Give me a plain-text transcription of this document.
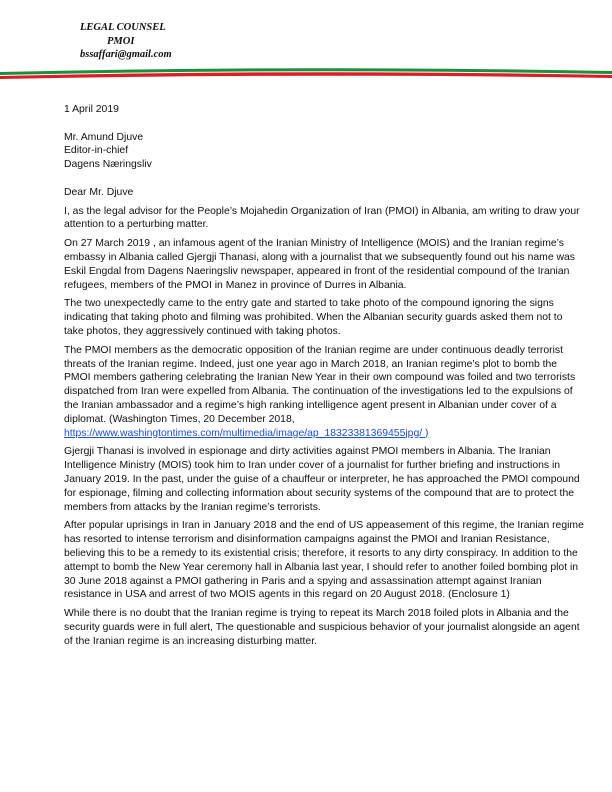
LEGAL COUNSEL
PMOI
bssaffari@gmail.com

1 April 2019

Mr. Amund Djuve

Editor-in-chief

Dagens Næringsliv

Dear Mr. Djuve

I, as the legal advisor for the People’s Mojahedin Organization of Iran (PMOI) in Albania, am writing to draw your attention to a perturbing matter.

On 27 March 2019 , an infamous agent of the Iranian Ministry of Intelligence (MOIS) and the Iranian regime’s embassy in Albania called Gjergji Thanasi, along with a journalist that we subsequently found out his name was Eskil Engdal from Dagens Naeringsliv newspaper, appeared in front of the residential compound of the Iranian refugees, members of the PMOI in Manez in province of Durres in Albania.

The two unexpectedly came to the entry gate and started to take photo of the compound ignoring the signs indicating that taking photo and filming was prohibited. When the Albanian security guards asked them not to take photos, they aggressively continued with taking photos.

The PMOI members as the democratic opposition of the Iranian regime are under continuous deadly terrorist threats of the Iranian regime. Indeed, just one year ago in March 2018, an Iranian regime’s plot to bomb the PMOI members gathering celebrating the Iranian New Year in their own compound was foiled and two terrorists dispatched from Iran were expelled from Albania. The continuation of the investigations led to the expulsions of the Iranian ambassador and a regime’s high ranking intelligence agent present in Albanian under cover of a diplomat. (Washington Times, 20 December 2018,
https://www.washingtontimes.com/multimedia/image/ap_18323381369455jpg/ )

Gjergji Thanasi is involved in espionage and dirty activities against PMOI members in Albania. The Iranian Intelligence Ministry (MOIS) took him to Iran under cover of a journalist for further briefing and instructions in January 2019. In the past, under the guise of a chauffeur or interpreter, he has approached the PMOI compound for espionage, filming and collecting information about security systems of the compound that are to protect the members from attacks by the Iranian regime’s terrorists.

After popular uprisings in Iran in January 2018 and the end of US appeasement of this regime, the Iranian regime has resorted to intense terrorism and disinformation campaigns against the PMOI and Iranian Resistance, believing this to be a remedy to its existential crisis; therefore, it resorts to any dirty conspiracy. In addition to the attempt to bomb the New Year ceremony hall in Albania last year, I should refer to another foiled bombing plot in 30 June 2018 against a PMOI gathering in Paris and a spying and assassination attempt against Iranian resistance in USA and arrest of two MOIS agents in this regard on 20 August 2018. (Enclosure 1)

While there is no doubt that the Iranian regime is trying to repeat its March 2018 foiled plots in Albania and the security guards were in full alert, The questionable and suspicious behavior of your journalist alongside an agent of the Iranian regime is an increasing disturbing matter.
